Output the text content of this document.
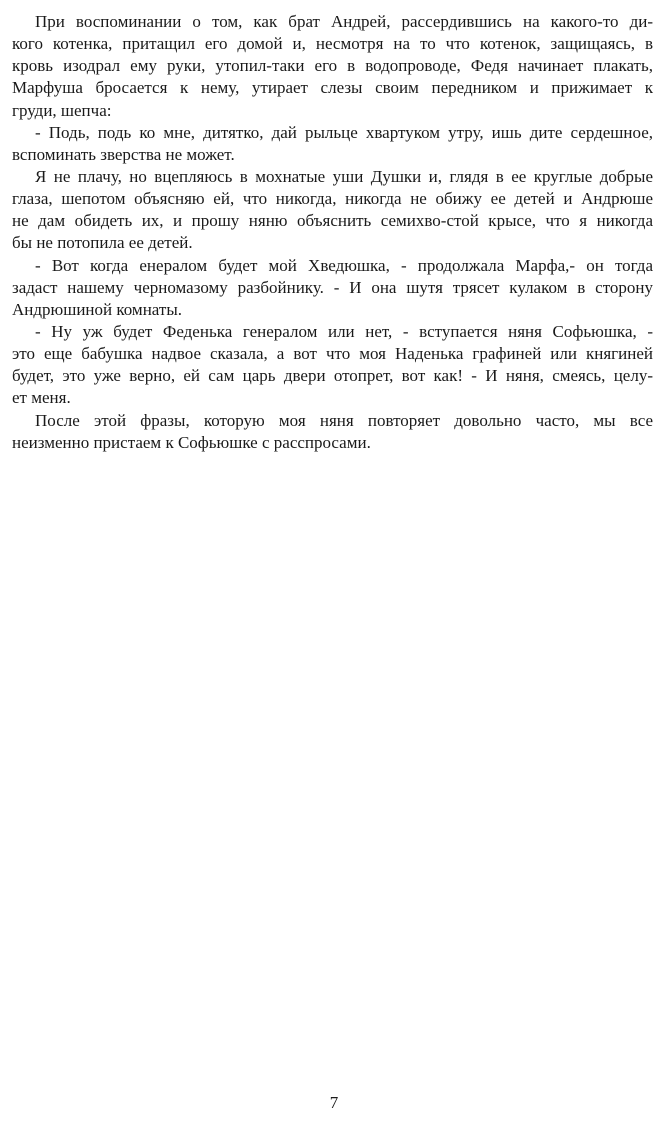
При воспоминании о том, как брат Андрей, рассердившись на какого-то ди-
кого котенка, притащил его домой и, несмотря на то что котенок, защищаясь, в
кровь изодрал ему руки, утопил-таки его в водопроводе, Федя начинает плакать,
Марфуша бросается к нему, утирает слезы своим передником и прижимает к
груди, шепча:
- Подь, подь ко мне, дитятко, дай рыльце хвартуком утру, ишь дите сердешное,
вспоминать зверства не может.
Я не плачу, но вцепляюсь в мохнатые уши Душки и, глядя в ее круглые добрые
глаза, шепотом объясняю ей, что никогда, никогда не обижу ее детей и Андрюше
не дам обидеть их, и прошу няню объяснить семихво-стой крысе, что я никогда
бы не потопила ее детей.
- Вот когда енералом будет мой Хведюшка, - продолжала Марфа,- он тогда
задаст нашему черномазому разбойнику. - И она шутя трясет кулаком в сторону
Андрюшиной комнаты.
- Ну уж будет Феденька генералом или нет, - вступается няня Софьюшка, -
это еще бабушка надвое сказала, а вот что моя Наденька графиней или княгиней
будет, это уже верно, ей сам царь двери отопрет, вот как! - И няня, смеясь, целу-
ет меня.
После этой фразы, которую моя няня повторяет довольно часто, мы все
неизменно пристаем к Софьюшке с расспросами.
7
